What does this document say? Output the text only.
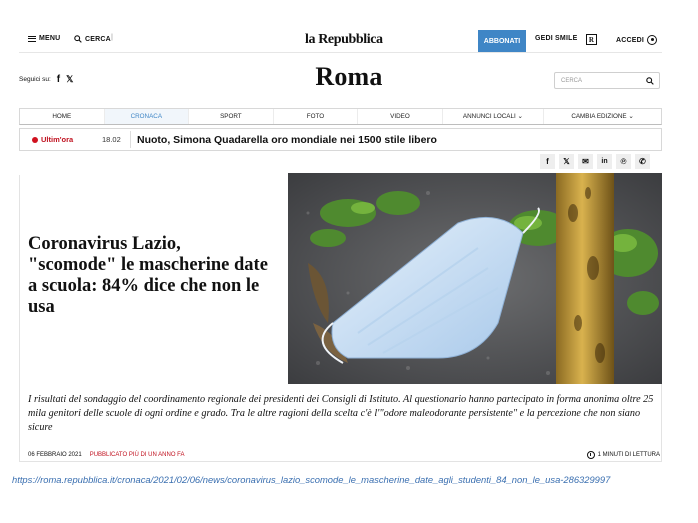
MENU	CERCA |	la Repubblica	ABBONATI	GEDI SMILE	R	ACCEDI
Seguici su: f 𝕏	Roma	CERCA
HOME	CRONACA	SPORT	FOTO	VIDEO	ANNUNCI LOCALI ⌄	CAMBIA EDIZIONE ⌄
Ultim'ora	18.02	Nuoto, Simona Quadarella oro mondiale nei 1500 stile libero
f	𝕏	✉	in	℗	✆
Coronavirus Lazio, "scomode" le mascherine date a scuola: 84% dice che non le usa
I risultati del sondaggio del coordinamento regionale dei presidenti dei Consigli di Istituto. Al questionario hanno partecipato in forma anonima oltre 25 mila genitori delle scuole di ogni ordine e grado. Tra le altre ragioni della scelta c'è l'"odore maleodorante persistente" e la percezione che non siano sicure
06 FEBBRAIO 2021 PUBBLICATO PIÙ DI UN ANNO FA	1 MINUTI DI LETTURA
https://roma.repubblica.it/cronaca/2021/02/06/news/coronavirus_lazio_scomode_le_mascherine_date_agli_studenti_84_non_le_usa-286329997
